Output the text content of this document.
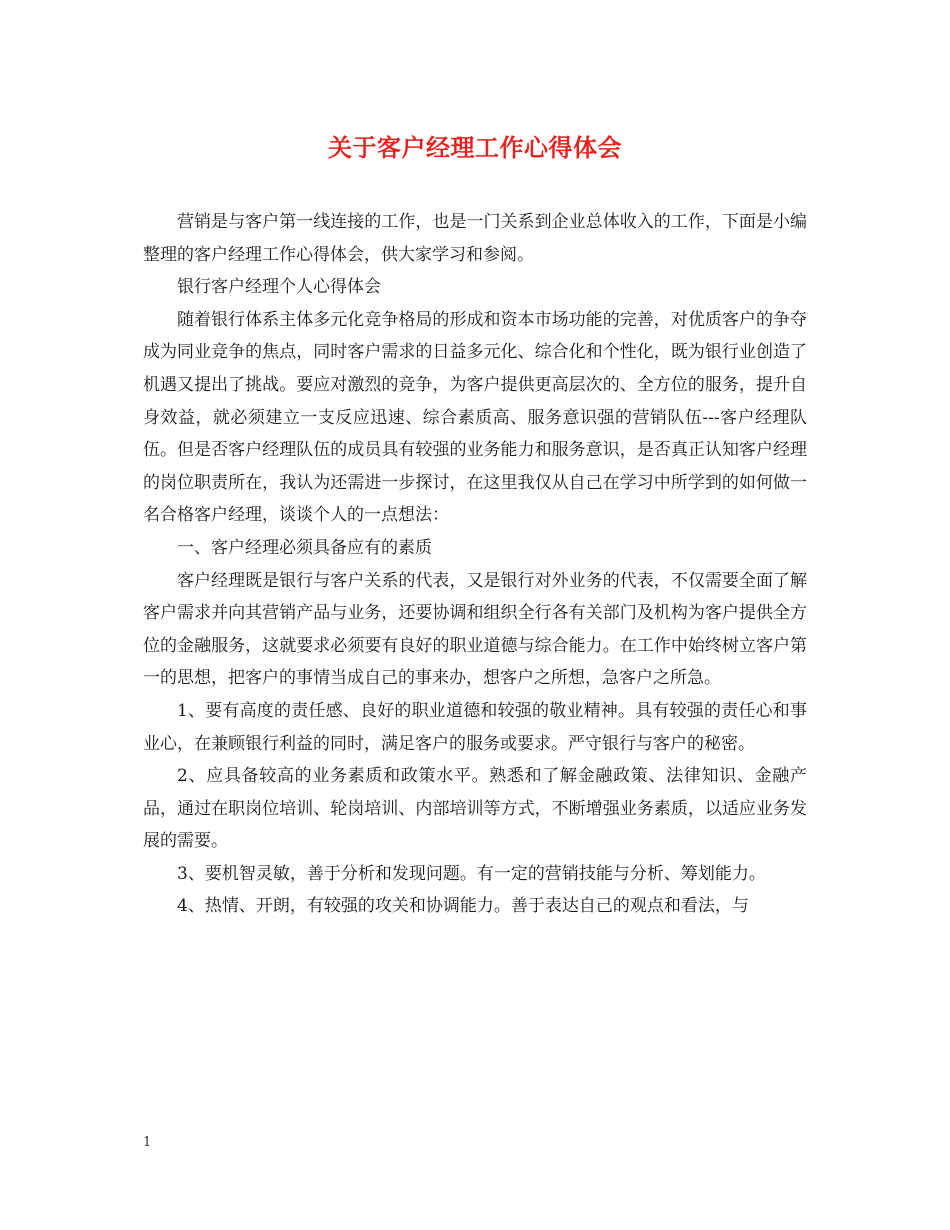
关于客户经理工作心得体会

营销是与客户第一线连接的工作，也是一门关系到企业总体收入的工作，下面是小编整理的客户经理工作心得体会，供大家学习和参阅。

银行客户经理个人心得体会

随着银行体系主体多元化竞争格局的形成和资本市场功能的完善，对优质客户的争夺成为同业竞争的焦点，同时客户需求的日益多元化、综合化和个性化，既为银行业创造了机遇又提出了挑战。要应对激烈的竞争，为客户提供更高层次的、全方位的服务，提升自身效益，就必须建立一支反应迅速、综合素质高、服务意识强的营销队伍---客户经理队伍。但是否客户经理队伍的成员具有较强的业务能力和服务意识，是否真正认知客户经理的岗位职责所在，我认为还需进一步探讨，在这里我仅从自己在学习中所学到的如何做一名合格客户经理，谈谈个人的一点想法：

一、客户经理必须具备应有的素质

客户经理既是银行与客户关系的代表，又是银行对外业务的代表，不仅需要全面了解客户需求并向其营销产品与业务，还要协调和组织全行各有关部门及机构为客户提供全方位的金融服务，这就要求必须要有良好的职业道德与综合能力。在工作中始终树立客户第一的思想，把客户的事情当成自己的事来办，想客户之所想，急客户之所急。

1、要有高度的责任感、良好的职业道德和较强的敬业精神。具有较强的责任心和事业心，在兼顾银行利益的同时，满足客户的服务或要求。严守银行与客户的秘密。

2、应具备较高的业务素质和政策水平。熟悉和了解金融政策、法律知识、金融产品，通过在职岗位培训、轮岗培训、内部培训等方式，不断增强业务素质，以适应业务发展的需要。

3、要机智灵敏，善于分析和发现问题。有一定的营销技能与分析、筹划能力。

4、热情、开朗，有较强的攻关和协调能力。善于表达自己的观点和看法，与

1
